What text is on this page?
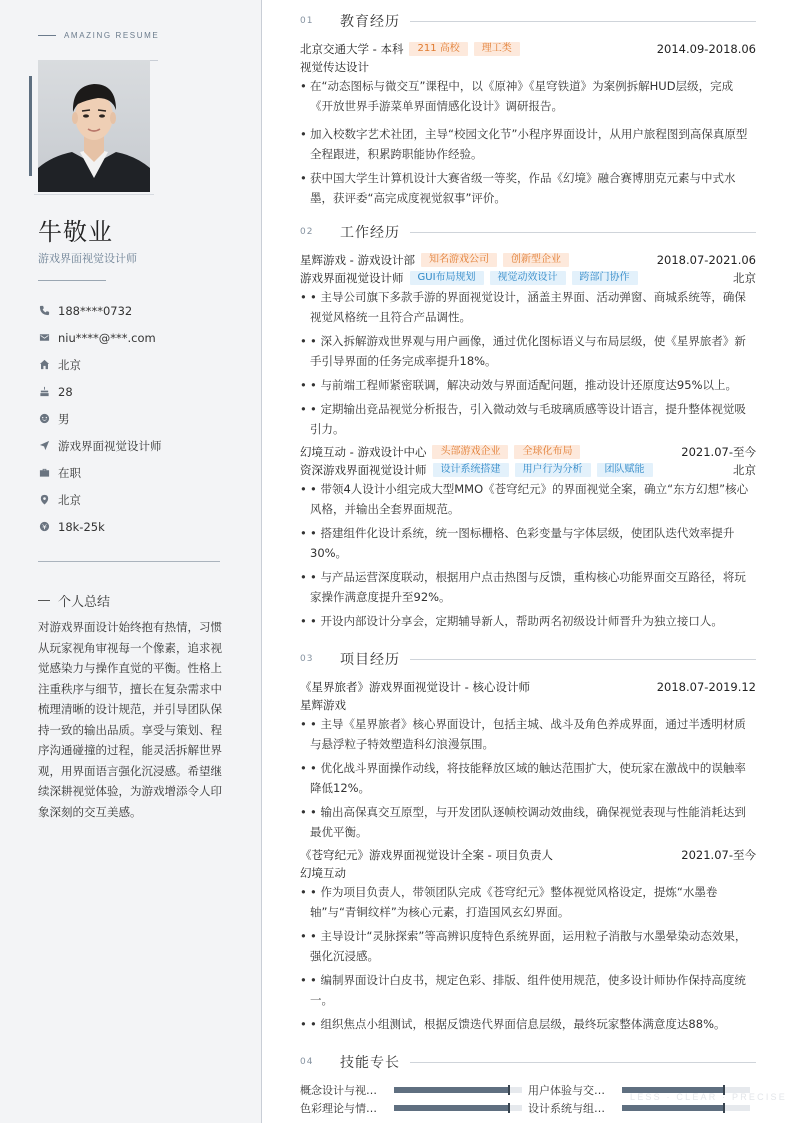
AMAZING RESUME
牛敬业
游戏界面视觉设计师
188****0732
niu****@***.com
北京
28
男
游戏界面视觉设计师
在职
北京
18k-25k
个人总结
对游戏界面设计始终抱有热情，习惯从玩家视角审视每一个像素，追求视觉感染力与操作直觉的平衡。性格上注重秩序与细节，擅长在复杂需求中梳理清晰的设计规范，并引导团队保持一致的输出品质。享受与策划、程序沟通碰撞的过程，能灵活拆解世界观，用界面语言强化沉浸感。希望继续深耕视觉体验，为游戏增添令人印象深刻的交互美感。
01	教育经历
北京交通大学 - 本科	211 高校	理工类	2014.09-2018.06
视觉传达设计
• 在“动态图标与微交互”课程中，以《原神》《星穹铁道》为案例拆解HUD层级，完成《开放世界手游菜单界面情感化设计》调研报告。
• 加入校数字艺术社团，主导“校园文化节”小程序界面设计，从用户旅程图到高保真原型全程跟进，积累跨职能协作经验。
• 获中国大学生计算机设计大赛省级一等奖，作品《幻境》融合赛博朋克元素与中式水墨，获评委“高完成度视觉叙事”评价。
02	工作经历
星辉游戏 - 游戏设计部	知名游戏公司	创新型企业	2018.07-2021.06
游戏界面视觉设计师	GUI布局规划	视觉动效设计	跨部门协作	北京
• • 主导公司旗下多款手游的界面视觉设计，涵盖主界面、活动弹窗、商城系统等，确保视觉风格统一且符合产品调性。
• • 深入拆解游戏世界观与用户画像，通过优化图标语义与布局层级，使《星界旅者》新手引导界面的任务完成率提升18%。
• • 与前端工程师紧密联调，解决动效与界面适配问题，推动设计还原度达95%以上。
• • 定期输出竞品视觉分析报告，引入微动效与毛玻璃质感等设计语言，提升整体视觉吸引力。
幻境互动 - 游戏设计中心	头部游戏企业	全球化布局	2021.07-至今
资深游戏界面视觉设计师	设计系统搭建	用户行为分析	团队赋能	北京
• • 带领4人设计小组完成大型MMO《苍穹纪元》的界面视觉全案，确立“东方幻想”核心风格，并输出全套界面规范。
• • 搭建组件化设计系统，统一图标栅格、色彩变量与字体层级，使团队迭代效率提升30%。
• • 与产品运营深度联动，根据用户点击热图与反馈，重构核心功能界面交互路径，将玩家操作满意度提升至92%。
• • 开设内部设计分享会，定期辅导新人，帮助两名初级设计师晋升为独立接口人。
03	项目经历
《星界旅者》游戏界面视觉设计 - 核心设计师	2018.07-2019.12
星辉游戏
• • 主导《星界旅者》核心界面设计，包括主城、战斗及角色养成界面，通过半透明材质与悬浮粒子特效塑造科幻浪漫氛围。
• • 优化战斗界面操作动线，将技能释放区域的触达范围扩大，使玩家在激战中的误触率降低12%。
• • 输出高保真交互原型，与开发团队逐帧校调动效曲线，确保视觉表现与性能消耗达到最优平衡。
《苍穹纪元》游戏界面视觉设计全案 - 项目负责人	2021.07-至今
幻境互动
• • 作为项目负责人，带领团队完成《苍穹纪元》整体视觉风格设定，提炼“水墨卷轴”与“青铜纹样”为核心元素，打造国风玄幻界面。
• • 主导设计“灵脉探索”等高辨识度特色系统界面，运用粒子消散与水墨晕染动态效果，强化沉浸感。
• • 编制界面设计白皮书，规定色彩、排版、组件使用规范，使多设计师协作保持高度统一。
• • 组织焦点小组测试，根据反馈迭代界面信息层级，最终玩家整体满意度达88%。
04	技能专长
概念设计与视…	用户体验与交…
色彩理论与情…	设计系统与组…
LESS · CLEAR · PRECISE
